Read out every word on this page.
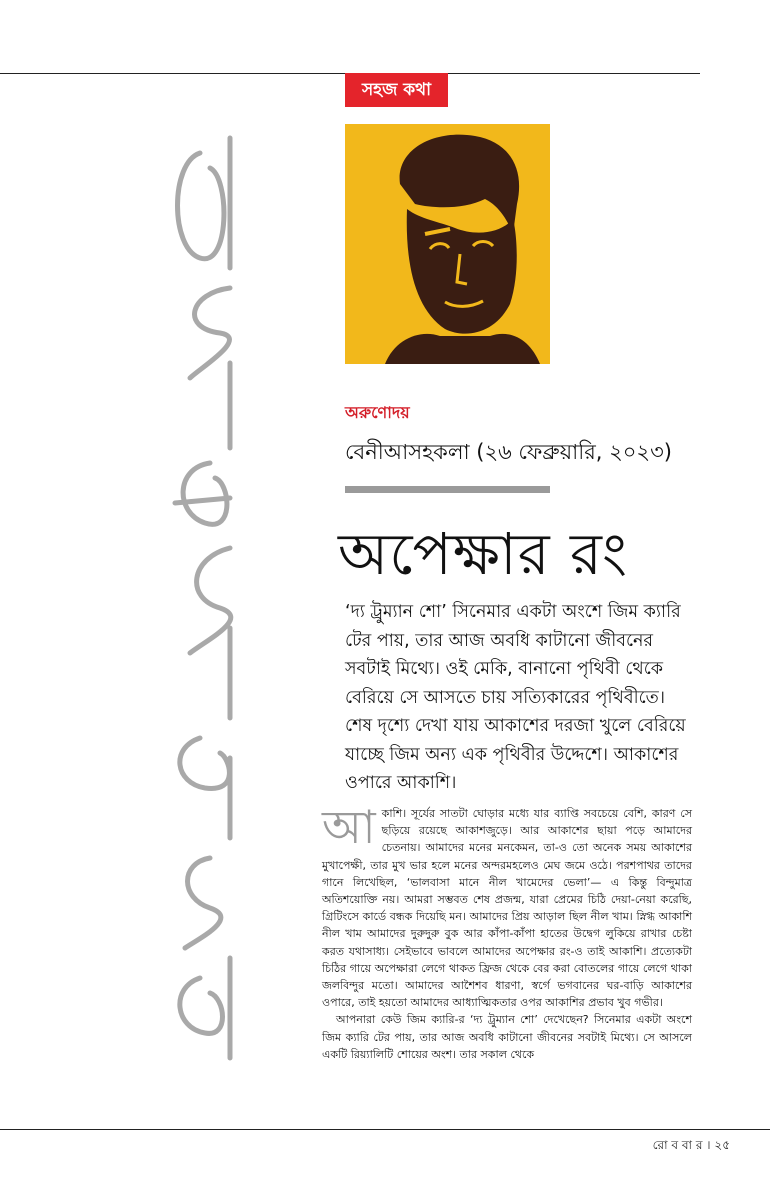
সহজ কথা
অরুণোদয়
বেনীআসহকলা (২৬ ফেব্রুয়ারি, ২০২৩)
অপেক্ষার রং

‘দ্য ট্রুম্যান শো’ সিনেমার একটা অংশে জিম ক্যারি টের পায়, তার আজ অবধি কাটানো জীবনের সবটাই মিথ্যে। ওই মেকি, বানানো পৃথিবী থেকে বেরিয়ে সে আসতে চায় সত্যিকারের পৃথিবীতে। শেষ দৃশ্যে দেখা যায় আকাশের দরজা খুলে বেরিয়ে যাচ্ছে জিম অন্য এক পৃথিবীর উদ্দেশে। আকাশের ওপারে আকাশি।

আ কাশি। সূর্যের সাতটা ঘোড়ার মধ্যে যার ব্যাপ্তি সবচেয়ে বেশি, কারণ সে ছড়িয়ে রয়েছে আকাশজুড়ে। আর আকাশের ছায়া পড়ে আমাদের চেতনায়। আমাদের মনের মনকেমন, তা-ও তো অনেক সময় আকাশের মুখাপেক্ষী, তার মুখ ভার হলে মনের অন্দরমহলেও মেঘ জমে ওঠে। পরশপাথর তাদের গানে লিখেছিল, ‘ভালবাসা মানে নীল খামেদের ভেলা’— এ কিন্তু বিন্দুমাত্র অতিশয়োক্তি নয়। আমরা সম্ভবত শেষ প্রজন্ম, যারা প্রেমের চিঠি দেয়া-নেয়া করেছি, গ্রিটিংসে কার্ডে বন্ধক দিয়েছি মন। আমাদের প্রিয় আড়াল ছিল নীল খাম। স্নিগ্ধ আকাশি নীল খাম আমাদের দুরুদুরু বুক আর কাঁপা-কাঁপা হাতের উদ্বেগ লুকিয়ে রাখার চেষ্টা করত যথাসাধ্য। সেইভাবে ভাবলে আমাদের অপেক্ষার রং-ও তাই আকাশি। প্রত্যেকটা চিঠির গায়ে অপেক্ষারা লেগে থাকত ফ্রিজ থেকে বের করা বোতলের গায়ে লেগে থাকা জলবিন্দুর মতো। আমাদের আশৈশব ধারণা, স্বর্গে ভগবানের ঘর-বাড়ি আকাশের ওপারে, তাই হয়তো আমাদের আধ্যাত্মিকতার ওপর আকাশির প্রভাব খুব গভীর।

আপনারা কেউ জিম ক্যারি-র ‘দ্য ট্রুম্যান শো’ দেখেছেন? সিনেমার একটা অংশে জিম ক্যারি টের পায়, তার আজ অবধি কাটানো জীবনের সবটাই মিথ্যে। সে আসলে একটি রিয়্যালিটি শোয়ের অংশ। তার সকাল থেকে

রো ব বা র । ২৫
